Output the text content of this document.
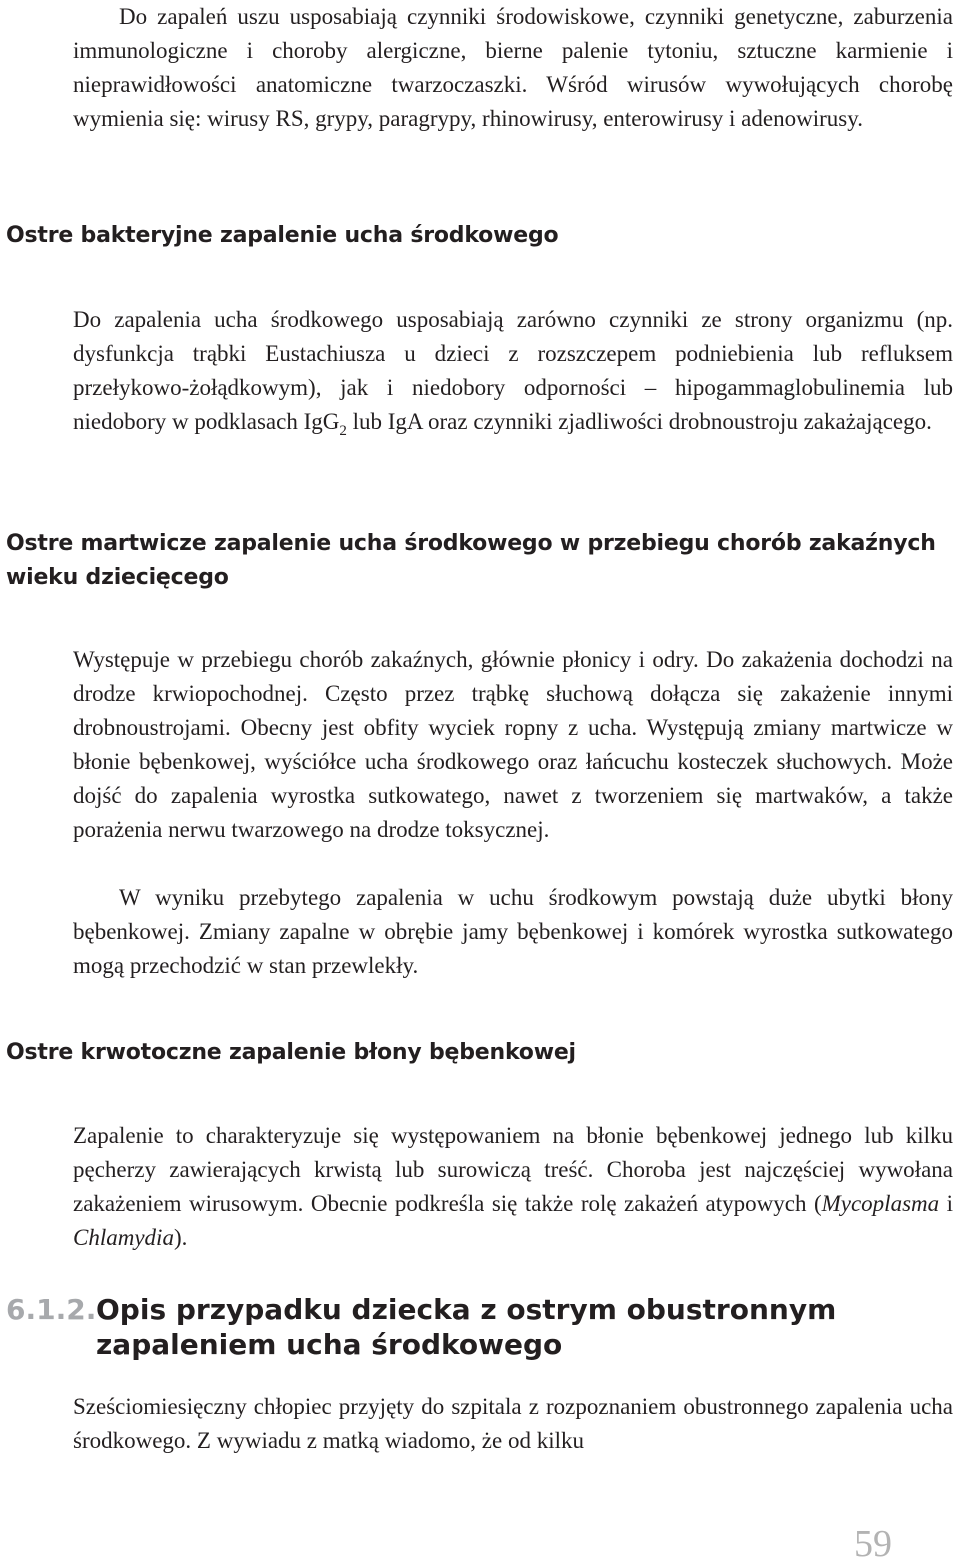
Do zapaleń uszu usposabiają czynniki środowiskowe, czynniki genetyczne, zaburzenia immunologiczne i choroby alergiczne, bierne palenie tytoniu, sztuczne karmienie i nieprawidłowości anatomiczne twarzoczaszki. Wśród wirusów wywołujących chorobę wymienia się: wirusy RS, grypy, paragrypy, rhinowirusy, enterowirusy i adenowirusy.

Ostre bakteryjne zapalenie ucha środkowego

Do zapalenia ucha środkowego usposabiają zarówno czynniki ze strony organizmu (np. dysfunkcja trąbki Eustachiusza u dzieci z rozszczepem podniebienia lub refluksem przełykowo-żołądkowym), jak i niedobory odporności – hipogammaglobulinemia lub niedobory w podklasach IgG$_2$ lub IgA oraz czynniki zjadliwości drobnoustroju zakażającego.

Ostre martwicze zapalenie ucha środkowego w przebiegu chorób zakaźnych wieku dziecięcego

Występuje w przebiegu chorób zakaźnych, głównie płonicy i odry. Do zakażenia dochodzi na drodze krwiopochodnej. Często przez trąbkę słuchową dołącza się zakażenie innymi drobnoustrojami. Obecny jest obfity wyciek ropny z ucha. Występują zmiany martwicze w błonie bębenkowej, wyściółce ucha środkowego oraz łańcuchu kosteczek słuchowych. Może dojść do zapalenia wyrostka sutkowatego, nawet z tworzeniem się martwaków, a także porażenia nerwu twarzowego na drodze toksycznej.

W wyniku przebytego zapalenia w uchu środkowym powstają duże ubytki błony bębenkowej. Zmiany zapalne w obrębie jamy bębenkowej i komórek wyrostka sutkowatego mogą przechodzić w stan przewlekły.

Ostre krwotoczne zapalenie błony bębenkowej

Zapalenie to charakteryzuje się występowaniem na błonie bębenkowej jednego lub kilku pęcherzy zawierających krwistą lub surowiczą treść. Choroba jest najczęściej wywołana zakażeniem wirusowym. Obecnie podkreśla się także rolę zakażeń atypowych (Mycoplasma i Chlamydia).

6.1.2. Opis przypadku dziecka z ostrym obustronnym zapaleniem ucha środkowego

Sześciomiesięczny chłopiec przyjęty do szpitala z rozpoznaniem obustronnego zapalenia ucha środkowego. Z wywiadu z matką wiadomo, że od kilku

59
